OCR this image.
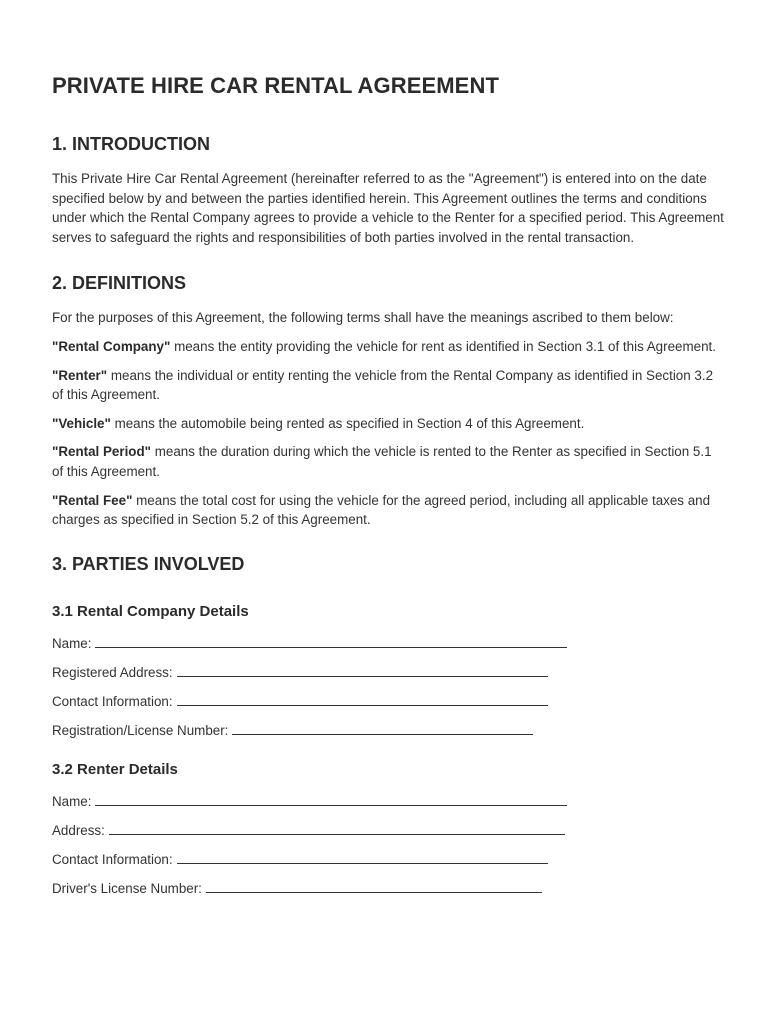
PRIVATE HIRE CAR RENTAL AGREEMENT
1. INTRODUCTION

This Private Hire Car Rental Agreement (hereinafter referred to as the "Agreement") is entered into on the date specified below by and between the parties identified herein. This Agreement outlines the terms and conditions under which the Rental Company agrees to provide a vehicle to the Renter for a specified period. This Agreement serves to safeguard the rights and responsibilities of both parties involved in the rental transaction.

2. DEFINITIONS

For the purposes of this Agreement, the following terms shall have the meanings ascribed to them below:

"Rental Company" means the entity providing the vehicle for rent as identified in Section 3.1 of this Agreement.

"Renter" means the individual or entity renting the vehicle from the Rental Company as identified in Section 3.2 of this Agreement.

"Vehicle" means the automobile being rented as specified in Section 4 of this Agreement.

"Rental Period" means the duration during which the vehicle is rented to the Renter as specified in Section 5.1 of this Agreement.

"Rental Fee" means the total cost for using the vehicle for the agreed period, including all applicable taxes and charges as specified in Section 5.2 of this Agreement.

3. PARTIES INVOLVED
3.1 Rental Company Details
Name:
Registered Address:
Contact Information:
Registration/License Number:
3.2 Renter Details
Name:
Address:
Contact Information:
Driver's License Number:
